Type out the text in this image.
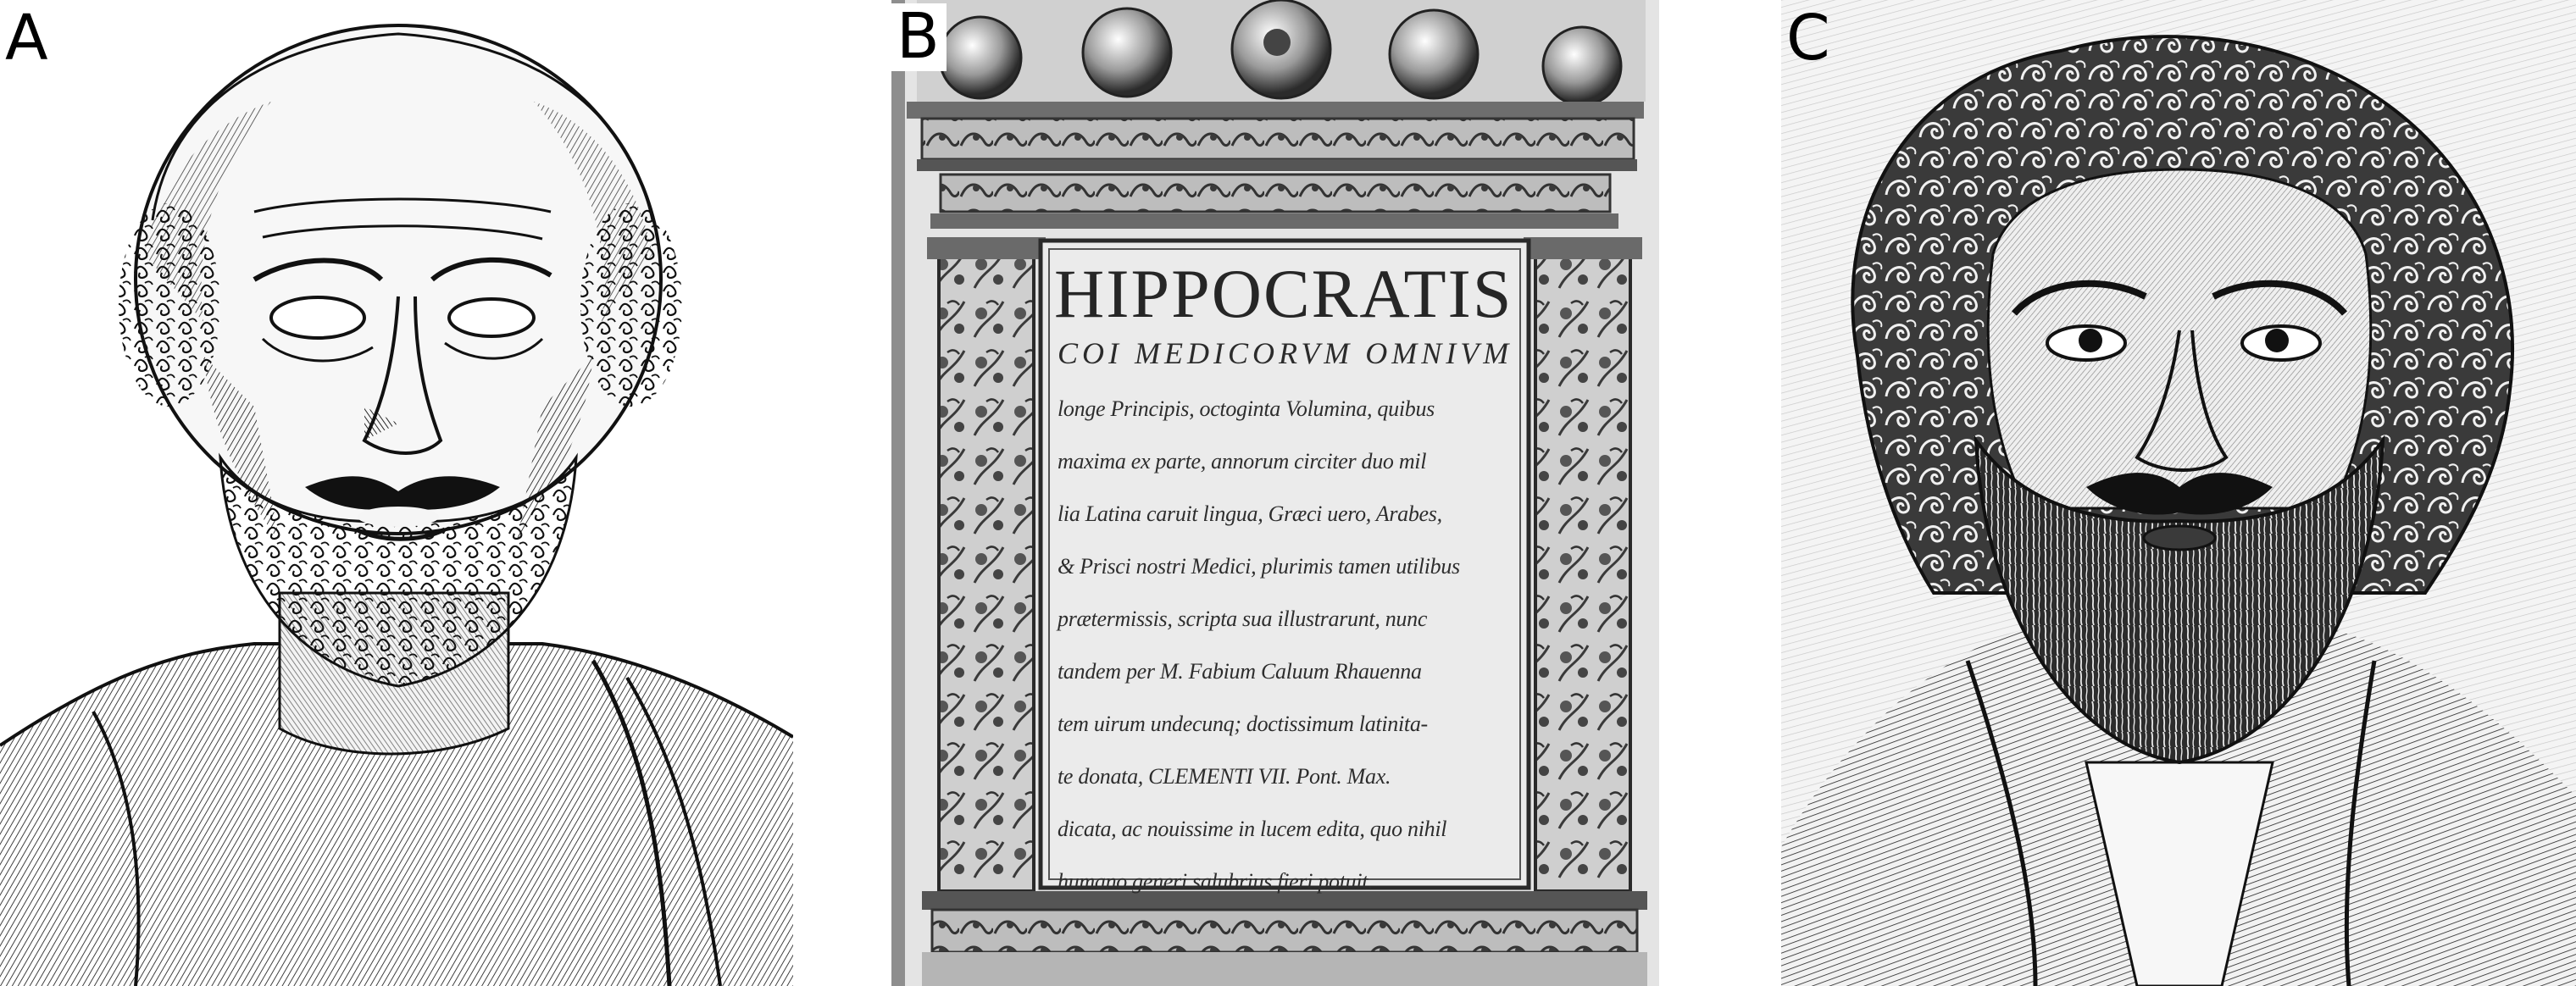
A
HIPPOCRATIS
COI MEDICORVM OMNIVM
longe Principis, octoginta Volumina, quibus
maxima ex parte, annorum circiter duo mil
lia Latina caruit lingua, Græci uero, Arabes,
& Prisci nostri Medici, plurimis tamen utilibus
prætermissis, scripta sua illustrarunt, nunc
tandem per M. Fabium Caluum Rhauenna
tem uirum undecunq; doctissimum latinita-
te donata, CLEMENTI VII. Pont. Max.
dicata, ac nouissime in lucem edita, quo nihil
humano generi salubrius fieri potuit.
B	C
